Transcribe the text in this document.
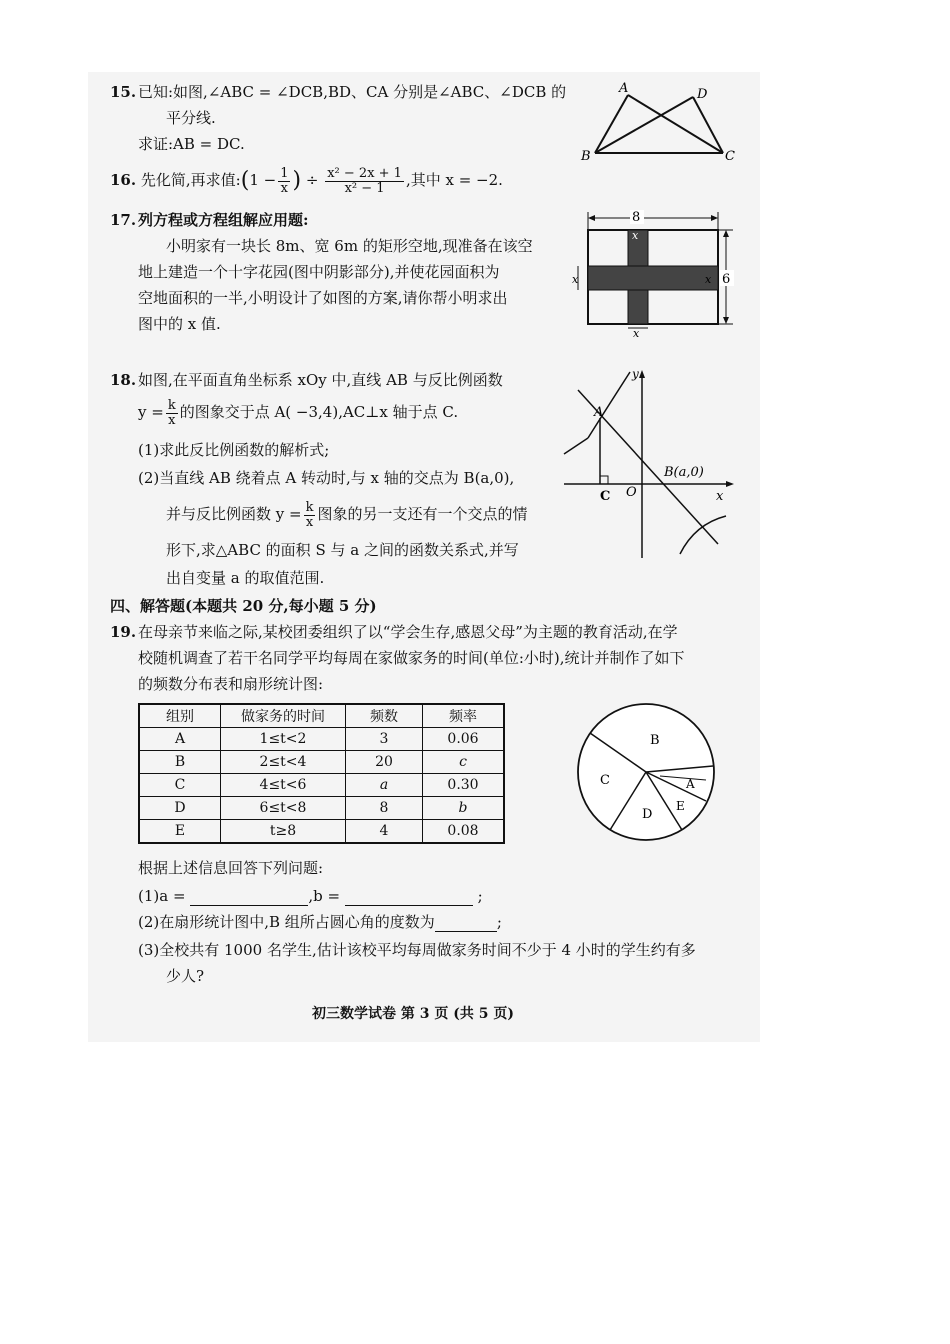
15. 已知:如图,∠ABC = ∠DCB,BD、CA 分别是∠ABC、∠DCB 的
平分线.
求证:AB = DC.
A	D
B	C
16. 先化简,再求值:(1 − $\frac{1}{x}$ ) ÷ $\frac{\text{x² − 2x + 1}}{\text{x² − 1}}$ ,其中 x = −2.
17. 列方程或方程组解应用题:
小明家有一块长 8m、宽 6m 的矩形空地,现准备在该空
地上建造一个十字花园(图中阴影部分),并使花园面积为
空地面积的一半,小明设计了如图的方案,请你帮小明求出
图中的 x 值.
8
6
x
x
x	x
18. 如图,在平面直角坐标系 xOy 中,直线 AB 与反比例函数
$y = \frac{k}{x}$ 的图象交于点 A( −3,4),AC⊥x 轴于点 C.
(1)求此反比例函数的解析式;
(2)当直线 AB 绕着点 A 转动时,与 x 轴的交点为 B(a,0),
并与反比例函数 $y = \frac{k}{x}$ 图象的另一支还有一个交点的情
形下,求△ABC 的面积 S 与 a 之间的函数关系式,并写
出自变量 a 的取值范围.
A
C O
B(a,0)
x
y
四、解答题(本题共 20 分,每小题 5 分)
19. 在母亲节来临之际,某校团委组织了以“学会生存,感恩父母”为主题的教育活动,在学
校随机调查了若干名同学平均每周在家做家务的时间(单位:小时),统计并制作了如下
的频数分布表和扇形统计图:
组别	做家务的时间	频数	频率
A	1≤t<2	3	0.06
B	2≤t<4	20	c
C	4≤t<6	a	0.30
D	6≤t<8	8	b
E	t≥8	4	0.08
B
C
D
E
A
根据上述信息回答下列问题:
(1)a =	,b =	;
(2)在扇形统计图中,B 组所占圆心角的度数为	;
(3)全校共有 1000 名学生,估计该校平均每周做家务时间不少于 4 小时的学生约有多
少人?
初三数学试卷 第 3 页 (共 5 页)
